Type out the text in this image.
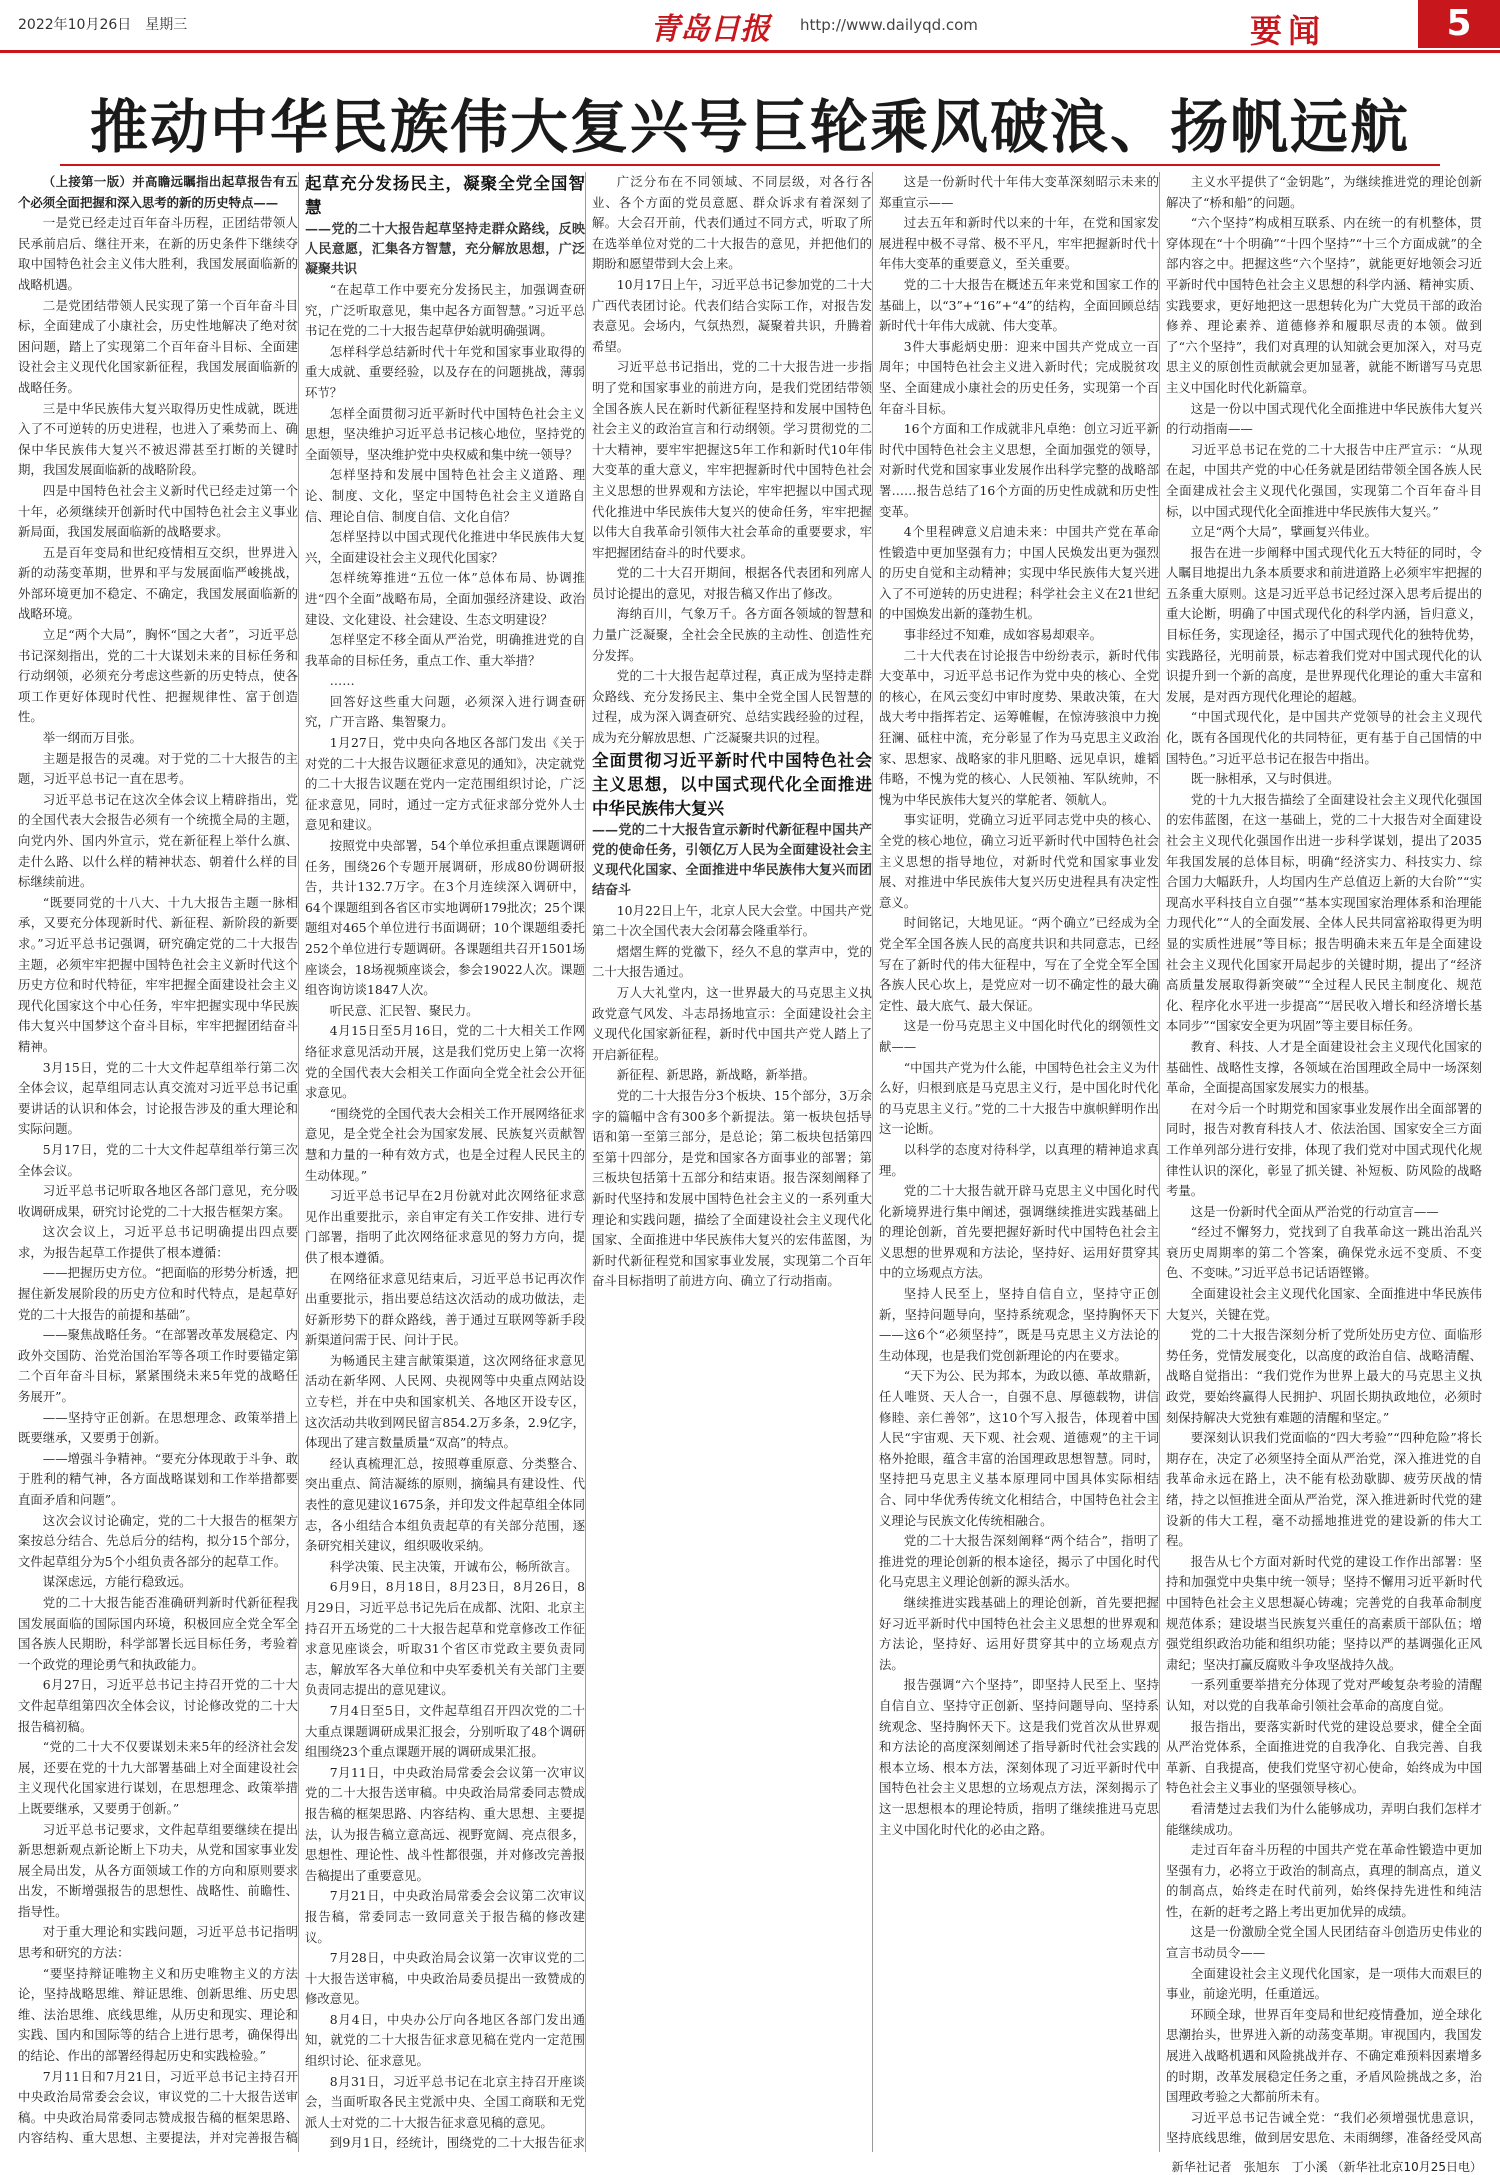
2022年10月26日　星期三	青岛日报 http://www.dailyqd.com	要闻	5
推动中华民族伟大复兴号巨轮乘风破浪、扬帆远航

（上接第一版）并高瞻远瞩指出起草报告有五个必须全面把握和深入思考的新的历史特点——

一是党已经走过百年奋斗历程，正团结带领人民承前启后、继往开来，在新的历史条件下继续夺取中国特色社会主义伟大胜利，我国发展面临新的战略机遇。

二是党团结带领人民实现了第一个百年奋斗目标，全面建成了小康社会，历史性地解决了绝对贫困问题，踏上了实现第二个百年奋斗目标、全面建设社会主义现代化国家新征程，我国发展面临新的战略任务。

三是中华民族伟大复兴取得历史性成就，既进入了不可逆转的历史进程，也进入了乘势而上、确保中华民族伟大复兴不被迟滞甚至打断的关键时期，我国发展面临新的战略阶段。

四是中国特色社会主义新时代已经走过第一个十年，必须继续开创新时代中国特色社会主义事业新局面，我国发展面临新的战略要求。

五是百年变局和世纪疫情相互交织，世界进入新的动荡变革期，世界和平与发展面临严峻挑战，外部环境更加不稳定、不确定，我国发展面临新的战略环境。

立足“两个大局”，胸怀“国之大者”，习近平总书记深刻指出，党的二十大谋划未来的目标任务和行动纲领，必须充分考虑这些新的历史特点，使各项工作更好体现时代性、把握规律性、富于创造性。

举一纲而万目张。

主题是报告的灵魂。对于党的二十大报告的主题，习近平总书记一直在思考。

习近平总书记在这次全体会议上精辟指出，党的全国代表大会报告必须有一个统揽全局的主题，向党内外、国内外宣示，党在新征程上举什么旗、走什么路、以什么样的精神状态、朝着什么样的目标继续前进。

“既要同党的十八大、十九大报告主题一脉相承，又要充分体现新时代、新征程、新阶段的新要求。”习近平总书记强调，研究确定党的二十大报告主题，必须牢牢把握中国特色社会主义新时代这个历史方位和时代特征，牢牢把握全面建设社会主义现代化国家这个中心任务，牢牢把握实现中华民族伟大复兴中国梦这个奋斗目标，牢牢把握团结奋斗精神。

3月15日，党的二十大文件起草组举行第二次全体会议，起草组同志认真交流对习近平总书记重要讲话的认识和体会，讨论报告涉及的重大理论和实际问题。

5月17日，党的二十大文件起草组举行第三次全体会议。

习近平总书记听取各地区各部门意见，充分吸收调研成果，研究讨论党的二十大报告框架方案。

这次会议上，习近平总书记明确提出四点要求，为报告起草工作提供了根本遵循：

——把握历史方位。“把面临的形势分析透，把握住新发展阶段的历史方位和时代特点，是起草好党的二十大报告的前提和基础”。

——聚焦战略任务。“在部署改革发展稳定、内政外交国防、治党治国治军等各项工作时要锚定第二个百年奋斗目标，紧紧围绕未来5年党的战略任务展开”。

——坚持守正创新。在思想理念、政策举措上既要继承，又要勇于创新。

——增强斗争精神。“要充分体现敢于斗争、敢于胜利的精气神，各方面战略谋划和工作举措都要直面矛盾和问题”。

这次会议讨论确定，党的二十大报告的框架方案按总分结合、先总后分的结构，拟分15个部分，文件起草组分为5个小组负责各部分的起草工作。

谋深虑远，方能行稳致远。

党的二十大报告能否准确研判新时代新征程我国发展面临的国际国内环境，积极回应全党全军全国各族人民期盼，科学部署长远目标任务，考验着一个政党的理论勇气和执政能力。

6月27日，习近平总书记主持召开党的二十大文件起草组第四次全体会议，讨论修改党的二十大报告稿初稿。

“党的二十大不仅要谋划未来5年的经济社会发展，还要在党的十九大部署基础上对全面建设社会主义现代化国家进行谋划，在思想理念、政策举措上既要继承，又要勇于创新。”

习近平总书记要求，文件起草组要继续在提出新思想新观点新论断上下功夫，从党和国家事业发展全局出发，从各方面领域工作的方向和原则要求出发，不断增强报告的思想性、战略性、前瞻性、指导性。

对于重大理论和实践问题，习近平总书记指明思考和研究的方法：

“要坚持辩证唯物主义和历史唯物主义的方法论，坚持战略思维、辩证思维、创新思维、历史思维、法治思维、底线思维，从历史和现实、理论和实践、国内和国际等的结合上进行思考，确保得出的结论、作出的部署经得起历史和实践检验。”

7月11日和7月21日，习近平总书记主持召开中央政治局常委会会议，审议党的二十大报告送审稿。中央政治局常委同志赞成报告稿的框架思路、内容结构、重大思想、主要提法，并对完善报告稿

起草充分发扬民主，凝聚全党全国智慧

——党的二十大报告起草坚持走群众路线，反映人民意愿，汇集各方智慧，充分解放思想，广泛凝聚共识

“在起草工作中要充分发扬民主，加强调查研究，广泛听取意见，集中起各方面智慧。”习近平总书记在党的二十大报告起草伊始就明确强调。

怎样科学总结新时代十年党和国家事业取得的重大成就、重要经验，以及存在的问题挑战，薄弱环节？

怎样全面贯彻习近平新时代中国特色社会主义思想，坚决维护习近平总书记核心地位，坚持党的全面领导，坚决维护党中央权威和集中统一领导？

怎样坚持和发展中国特色社会主义道路、理论、制度、文化，坚定中国特色社会主义道路自信、理论自信、制度自信、文化自信？

怎样坚持以中国式现代化推进中华民族伟大复兴，全面建设社会主义现代化国家？

怎样统筹推进“五位一体”总体布局、协调推进“四个全面”战略布局，全面加强经济建设、政治建设、文化建设、社会建设、生态文明建设？

怎样坚定不移全面从严治党，明确推进党的自我革命的目标任务，重点工作、重大举措？

……

回答好这些重大问题，必须深入进行调查研究，广开言路、集智聚力。

1月27日，党中央向各地区各部门发出《关于对党的二十大报告议题征求意见的通知》，决定就党的二十大报告议题在党内一定范围组织讨论，广泛征求意见，同时，通过一定方式征求部分党外人士意见和建议。

按照党中央部署，54个单位承担重点课题调研任务，围绕26个专题开展调研，形成80份调研报告，共计132.7万字。在3个月连续深入调研中，64个课题组到各省区市实地调研179批次；25个课题组对465个单位进行书面调研；10个课题组委托252个单位进行专题调研。各课题组共召开1501场座谈会，18场视频座谈会，参会19022人次。课题组咨询访谈1847人次。

听民意、汇民智、聚民力。

4月15日至5月16日，党的二十大相关工作网络征求意见活动开展，这是我们党历史上第一次将党的全国代表大会相关工作面向全党全社会公开征求意见。

“围绕党的全国代表大会相关工作开展网络征求意见，是全党全社会为国家发展、民族复兴贡献智慧和力量的一种有效方式，也是全过程人民民主的生动体现。”

习近平总书记早在2月份就对此次网络征求意见作出重要批示，亲自审定有关工作安排、进行专门部署，指明了此次网络征求意见的努力方向，提供了根本遵循。

在网络征求意见结束后，习近平总书记再次作出重要批示，指出要总结这次活动的成功做法，走好新形势下的群众路线，善于通过互联网等新手段新渠道问需于民、问计于民。

为畅通民主建言献策渠道，这次网络征求意见活动在新华网、人民网、央视网等中央重点网站设立专栏，并在中央和国家机关、各地区开设专区，这次活动共收到网民留言854.2万多条，2.9亿字，体现出了建言数量质量“双高”的特点。

经认真梳理汇总，按照尊重原意、分类整合、突出重点、简洁凝练的原则，摘编具有建设性、代表性的意见建议1675条，并印发文件起草组全体同志，各小组结合本组负责起草的有关部分范围，逐条研究相关建议，组织吸收采纳。

科学决策、民主决策，开诚布公，畅所欲言。

6月9日，8月18日，8月23日，8月26日，8月29日，习近平总书记先后在成都、沈阳、北京主持召开五场党的二十大报告起草和党章修改工作征求意见座谈会，听取31个省区市党政主要负责同志，解放军各大单位和中央军委机关有关部门主要负责同志提出的意见建议。

7月4日至5日，文件起草组召开四次党的二十大重点课题调研成果汇报会，分别听取了48个调研组围绕23个重点课题开展的调研成果汇报。

7月11日，中央政治局常委会会议第一次审议党的二十大报告送审稿。中央政治局常委同志赞成报告稿的框架思路、内容结构、重大思想、主要提法，认为报告稿立意高远、视野宽阔、亮点很多，思想性、理论性、战斗性都很强，并对修改完善报告稿提出了重要意见。

7月21日，中央政治局常委会会议第二次审议报告稿，常委同志一致同意关于报告稿的修改建议。

7月28日，中央政治局会议第一次审议党的二十大报告送审稿，中央政治局委员提出一致赞成的修改意见。

8月4日，中央办公厅向各地区各部门发出通知，就党的二十大报告征求意见稿在党内一定范围组织讨论、征求意见。

8月31日，习近平总书记在北京主持召开座谈会，当面听取各民主党派中央、全国工商联和无党派人士对党的二十大报告征求意见稿的意见。

到9月1日，经统计，围绕党的二十大报告征求

广泛分布在不同领域、不同层级，对各行各业、各个方面的党员意愿、群众诉求有着深刻了解。大会召开前，代表们通过不同方式，听取了所在选举单位对党的二十大报告的意见，并把他们的期盼和愿望带到大会上来。

10月17日上午，习近平总书记参加党的二十大广西代表团讨论。代表们结合实际工作，对报告发表意见。会场内，气氛热烈，凝聚着共识，升腾着希望。

习近平总书记指出，党的二十大报告进一步指明了党和国家事业的前进方向，是我们党团结带领全国各族人民在新时代新征程坚持和发展中国特色社会主义的政治宣言和行动纲领。学习贯彻党的二十大精神，要牢牢把握这5年工作和新时代10年伟大变革的重大意义，牢牢把握新时代中国特色社会主义思想的世界观和方法论，牢牢把握以中国式现代化推进中华民族伟大复兴的使命任务，牢牢把握以伟大自我革命引领伟大社会革命的重要要求，牢牢把握团结奋斗的时代要求。

党的二十大召开期间，根据各代表团和列席人员讨论提出的意见，对报告稿又作出了修改。

海纳百川，气象万千。各方面各领域的智慧和力量广泛凝聚，全社会全民族的主动性、创造性充分发挥。

党的二十大报告起草过程，真正成为坚持走群众路线、充分发扬民主、集中全党全国人民智慧的过程，成为深入调查研究、总结实践经验的过程，成为充分解放思想、广泛凝聚共识的过程。

全面贯彻习近平新时代中国特色社会主义思想，以中国式现代化全面推进中华民族伟大复兴

——党的二十大报告宣示新时代新征程中国共产党的使命任务，引领亿万人民为全面建设社会主义现代化国家、全面推进中华民族伟大复兴而团结奋斗

10月22日上午，北京人民大会堂。中国共产党第二十次全国代表大会闭幕会隆重举行。

熠熠生辉的党徽下，经久不息的掌声中，党的二十大报告通过。

万人大礼堂内，这一世界最大的马克思主义执政党意气风发、斗志昂扬地宣示：全面建设社会主义现代化国家新征程，新时代中国共产党人踏上了开启新征程。

新征程、新思路，新战略，新举措。

党的二十大报告分3个板块、15个部分，3万余字的篇幅中含有300多个新提法。第一板块包括导语和第一至第三部分，是总论；第二板块包括第四至第十四部分，是党和国家各方面事业的部署；第三板块包括第十五部分和结束语。报告深刻阐释了新时代坚持和发展中国特色社会主义的一系列重大理论和实践问题，描绘了全面建设社会主义现代化国家、全面推进中华民族伟大复兴的宏伟蓝图，为新时代新征程党和国家事业发展，实现第二个百年奋斗目标指明了前进方向、确立了行动指南。

这是一份新时代十年伟大变革深刻昭示未来的郑重宣示——

过去五年和新时代以来的十年，在党和国家发展进程中极不寻常、极不平凡，牢牢把握新时代十年伟大变革的重要意义，至关重要。

党的二十大报告在概述五年来党和国家工作的基础上，以“3”+“16”+“4”的结构，全面回顾总结新时代十年伟大成就、伟大变革。

3件大事彪炳史册：迎来中国共产党成立一百周年；中国特色社会主义进入新时代；完成脱贫攻坚、全面建成小康社会的历史任务，实现第一个百年奋斗目标。

16个方面和工作成就非凡卓绝：创立习近平新时代中国特色社会主义思想，全面加强党的领导，对新时代党和国家事业发展作出科学完整的战略部署……报告总结了16个方面的历史性成就和历史性变革。

4个里程碑意义启迪未来：中国共产党在革命性锻造中更加坚强有力；中国人民焕发出更为强烈的历史自觉和主动精神；实现中华民族伟大复兴进入了不可逆转的历史进程；科学社会主义在21世纪的中国焕发出新的蓬勃生机。

事非经过不知难，成如容易却艰辛。

二十大代表在讨论报告中纷纷表示，新时代伟大变革中，习近平总书记作为党中央的核心、全党的核心，在风云变幻中审时度势、果敢决策，在大战大考中指挥若定、运筹帷幄，在惊涛骇浪中力挽狂澜、砥柱中流，充分彰显了作为马克思主义政治家、思想家、战略家的非凡胆略、远见卓识，雄韬伟略，不愧为党的核心、人民领袖、军队统帅，不愧为中华民族伟大复兴的掌舵者、领航人。

事实证明，党确立习近平同志党中央的核心、全党的核心地位，确立习近平新时代中国特色社会主义思想的指导地位，对新时代党和国家事业发展、对推进中华民族伟大复兴历史进程具有决定性意义。

时间铭记，大地见证。“两个确立”已经成为全党全军全国各族人民的高度共识和共同意志，已经写在了新时代的伟大征程中，写在了全党全军全国各族人民心坎上，是党应对一切不确定性的最大确定性、最大底气、最大保证。

这是一份马克思主义中国化时代化的纲领性文献——

“中国共产党为什么能，中国特色社会主义为什么好，归根到底是马克思主义行，是中国化时代化的马克思主义行。”党的二十大报告中旗帜鲜明作出这一论断。

以科学的态度对待科学，以真理的精神追求真理。

党的二十大报告就开辟马克思主义中国化时代化新境界进行集中阐述，强调继续推进实践基础上的理论创新，首先要把握好新时代中国特色社会主义思想的世界观和方法论，坚持好、运用好贯穿其中的立场观点方法。

坚持人民至上，坚持自信自立，坚持守正创新，坚持问题导向，坚持系统观念，坚持胸怀天下——这6个“必须坚持”，既是马克思主义方法论的生动体现，也是我们党创新理论的内在要求。

“天下为公、民为邦本，为政以德、革故鼎新，任人唯贤、天人合一，自强不息、厚德载物，讲信修睦、亲仁善邻”，这10个写入报告，体现着中国人民“宇宙观、天下观、社会观、道德观”的主干词格外抢眼，蕴含丰富的治国理政思想智慧。同时，坚持把马克思主义基本原理同中国具体实际相结合、同中华优秀传统文化相结合，中国特色社会主义理论与民族文化传统相融合。

党的二十大报告深刻阐释“两个结合”，指明了推进党的理论创新的根本途径，揭示了中国化时代化马克思主义理论创新的源头活水。

继续推进实践基础上的理论创新，首先要把握好习近平新时代中国特色社会主义思想的世界观和方法论，坚持好、运用好贯穿其中的立场观点方法。

报告强调“六个坚持”，即坚持人民至上、坚持自信自立、坚持守正创新、坚持问题导向、坚持系统观念、坚持胸怀天下。这是我们党首次从世界观和方法论的高度深刻阐述了指导新时代社会实践的根本立场、根本方法，深刻体现了习近平新时代中国特色社会主义思想的立场观点方法，深刻揭示了这一思想根本的理论特质，指明了继续推进马克思主义中国化时代化的必由之路。

主义水平提供了“金钥匙”，为继续推进党的理论创新解决了“桥和船”的问题。

“六个坚持”构成相互联系、内在统一的有机整体，贯穿体现在“十个明确”“十四个坚持”“十三个方面成就”的全部内容之中。把握这些“六个坚持”，就能更好地领会习近平新时代中国特色社会主义思想的科学内涵、精神实质、实践要求，更好地把这一思想转化为广大党员干部的政治修养、理论素养、道德修养和履职尽责的本领。做到了“六个坚持”，我们对真理的认知就会更加深入，对马克思主义的原创性贡献就会更加显著，就能不断谱写马克思主义中国化时代化新篇章。

这是一份以中国式现代化全面推进中华民族伟大复兴的行动指南——

习近平总书记在党的二十大报告中庄严宣示：“从现在起，中国共产党的中心任务就是团结带领全国各族人民全面建成社会主义现代化强国，实现第二个百年奋斗目标，以中国式现代化全面推进中华民族伟大复兴。”

立足“两个大局”，擘画复兴伟业。

报告在进一步阐释中国式现代化五大特征的同时，令人瞩目地提出九条本质要求和前进道路上必须牢牢把握的五条重大原则。这是习近平总书记经过深入思考后提出的重大论断，明确了中国式现代化的科学内涵，旨归意义，目标任务，实现途径，揭示了中国式现代化的独特优势，实践路径，光明前景，标志着我们党对中国式现代化的认识提升到一个新的高度，是世界现代化理论的重大丰富和发展，是对西方现代化理论的超越。

“中国式现代化，是中国共产党领导的社会主义现代化，既有各国现代化的共同特征，更有基于自己国情的中国特色。”习近平总书记在报告中指出。

既一脉相承，又与时俱进。

党的十九大报告描绘了全面建设社会主义现代化强国的宏伟蓝图，在这一基础上，党的二十大报告对全面建设社会主义现代化强国作出进一步科学谋划，提出了2035年我国发展的总体目标，明确“经济实力、科技实力、综合国力大幅跃升，人均国内生产总值迈上新的大台阶”“实现高水平科技自立自强”“基本实现国家治理体系和治理能力现代化”“人的全面发展、全体人民共同富裕取得更为明显的实质性进展”等目标；报告明确未来五年是全面建设社会主义现代化国家开局起步的关键时期，提出了“经济高质量发展取得新突破”“全过程人民民主制度化、规范化、程序化水平进一步提高”“居民收入增长和经济增长基本同步”“国家安全更为巩固”等主要目标任务。

教育、科技、人才是全面建设社会主义现代化国家的基础性、战略性支撑，各领域在治国理政全局中一场深刻革命，全面提高国家发展实力的根基。

在对今后一个时期党和国家事业发展作出全面部署的同时，报告对教育科技人才、依法治国、国家安全三方面工作单列部分进行安排，体现了我们党对中国式现代化规律性认识的深化，彰显了抓关键、补短板、防风险的战略考量。

这是一份新时代全面从严治党的行动宣言——

“经过不懈努力，党找到了自我革命这一跳出治乱兴衰历史周期率的第二个答案，确保党永远不变质、不变色、不变味。”习近平总书记话语铿锵。

全面建设社会主义现代化国家、全面推进中华民族伟大复兴，关键在党。

党的二十大报告深刻分析了党所处历史方位、面临形势任务，党情发展变化，以高度的政治自信、战略清醒、战略自觉指出：“我们党作为世界上最大的马克思主义执政党，要始终赢得人民拥护、巩固长期执政地位，必须时刻保持解决大党独有难题的清醒和坚定。”

要深刻认识我们党面临的“四大考验”“四种危险”将长期存在，决定了必须坚持全面从严治党，深入推进党的自我革命永远在路上，决不能有松劲歇脚、疲劳厌战的情绪，持之以恒推进全面从严治党，深入推进新时代党的建设新的伟大工程，毫不动摇地推进党的建设新的伟大工程。

报告从七个方面对新时代党的建设工作作出部署：坚持和加强党中央集中统一领导；坚持不懈用习近平新时代中国特色社会主义思想凝心铸魂；完善党的自我革命制度规范体系；建设堪当民族复兴重任的高素质干部队伍；增强党组织政治功能和组织功能；坚持以严的基调强化正风肃纪；坚决打赢反腐败斗争攻坚战持久战。

一系列重要举措充分体现了党对严峻复杂考验的清醒认知，对以党的自我革命引领社会革命的高度自觉。

报告指出，要落实新时代党的建设总要求，健全全面从严治党体系，全面推进党的自我净化、自我完善、自我革新、自我提高，使我们党坚守初心使命，始终成为中国特色社会主义事业的坚强领导核心。

看清楚过去我们为什么能够成功，弄明白我们怎样才能继续成功。

走过百年奋斗历程的中国共产党在革命性锻造中更加坚强有力，必将立于政治的制高点，真理的制高点，道义的制高点，始终走在时代前列，始终保持先进性和纯洁性，在新的赶考之路上考出更加优异的成绩。

这是一份激励全党全国人民团结奋斗创造历史伟业的宣言书动员令——

全面建设社会主义现代化国家，是一项伟大而艰巨的事业，前途光明，任重道远。

环顾全球，世界百年变局和世纪疫情叠加，逆全球化思潮抬头，世界进入新的动荡变革期。审视国内，我国发展进入战略机遇和风险挑战并存、不确定难预料因素增多的时期，改革发展稳定任务之重，矛盾风险挑战之多，治国理政考验之大都前所未有。

习近平总书记告诫全党：“我们必须增强忧患意识，坚持底线思维，做到居安思危、未雨绸缪，准备经受风高

新华社记者　张旭东　丁小溪 （新华社北京10月25日电）
